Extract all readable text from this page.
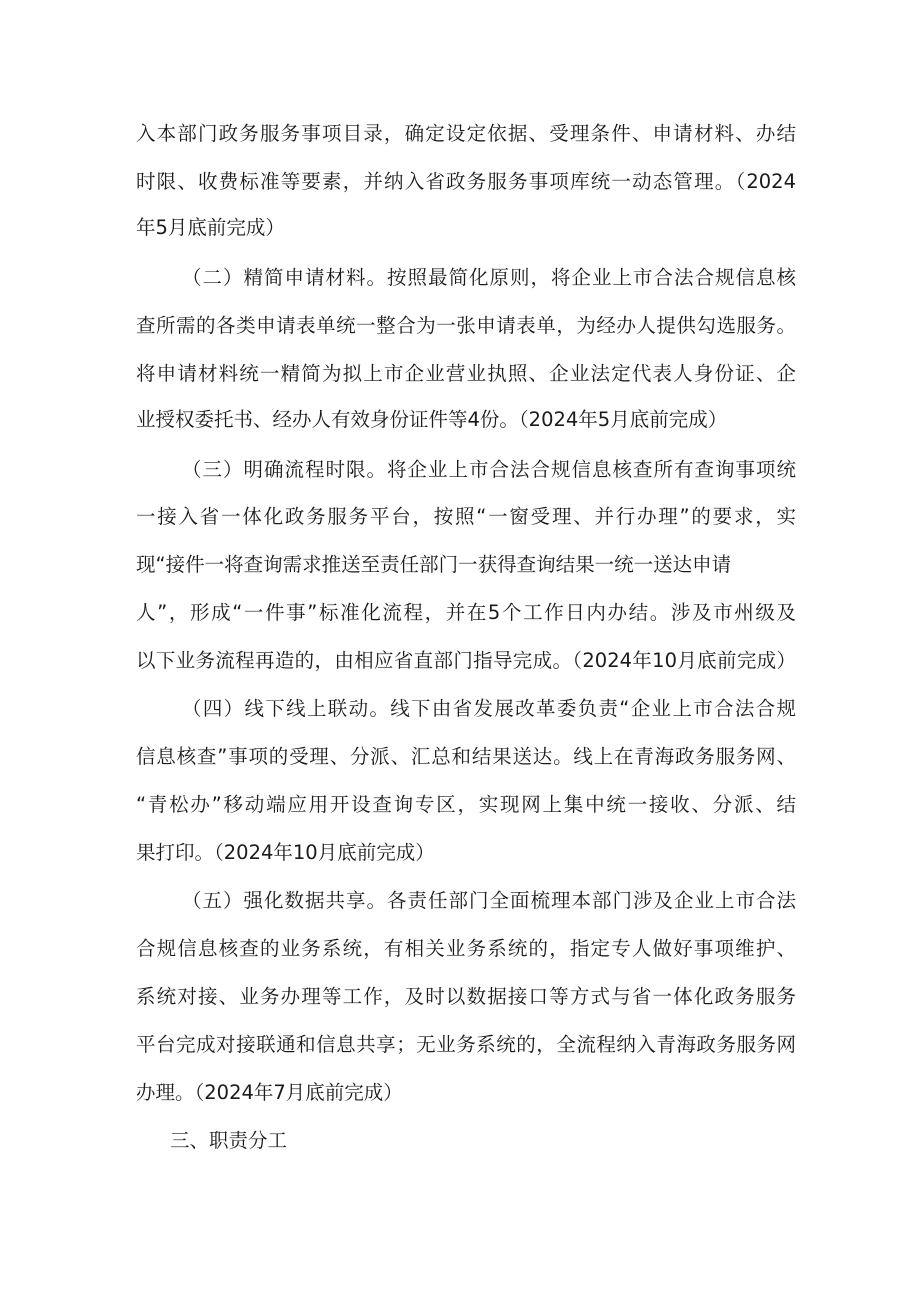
入本部门政务服务事项目录，确定设定依据、受理条件、申请材料、办结
时限、收费标准等要素，并纳入省政务服务事项库统一动态管理。（2024
年5月底前完成）
（二）精简申请材料。按照最简化原则，将企业上市合法合规信息核
查所需的各类申请表单统一整合为一张申请表单，为经办人提供勾选服务。
将申请材料统一精简为拟上市企业营业执照、企业法定代表人身份证、企
业授权委托书、经办人有效身份证件等4份。（2024年5月底前完成）
（三）明确流程时限。将企业上市合法合规信息核查所有查询事项统
一接入省一体化政务服务平台，按照“一窗受理、并行办理”的要求，实
现“接件一将查询需求推送至责任部门一获得查询结果一统一送达申请
人”，形成“一件事”标准化流程，并在5个工作日内办结。涉及市州级及
以下业务流程再造的，由相应省直部门指导完成。（2024年10月底前完成）
（四）线下线上联动。线下由省发展改革委负责“企业上市合法合规
信息核查”事项的受理、分派、汇总和结果送达。线上在青海政务服务网、
“青松办”移动端应用开设查询专区，实现网上集中统一接收、分派、结
果打印。（2024年10月底前完成）
（五）强化数据共享。各责任部门全面梳理本部门涉及企业上市合法
合规信息核查的业务系统，有相关业务系统的，指定专人做好事项维护、
系统对接、业务办理等工作，及时以数据接口等方式与省一体化政务服务
平台完成对接联通和信息共享；无业务系统的，全流程纳入青海政务服务网
办理。（2024年7月底前完成）
三、职责分工
